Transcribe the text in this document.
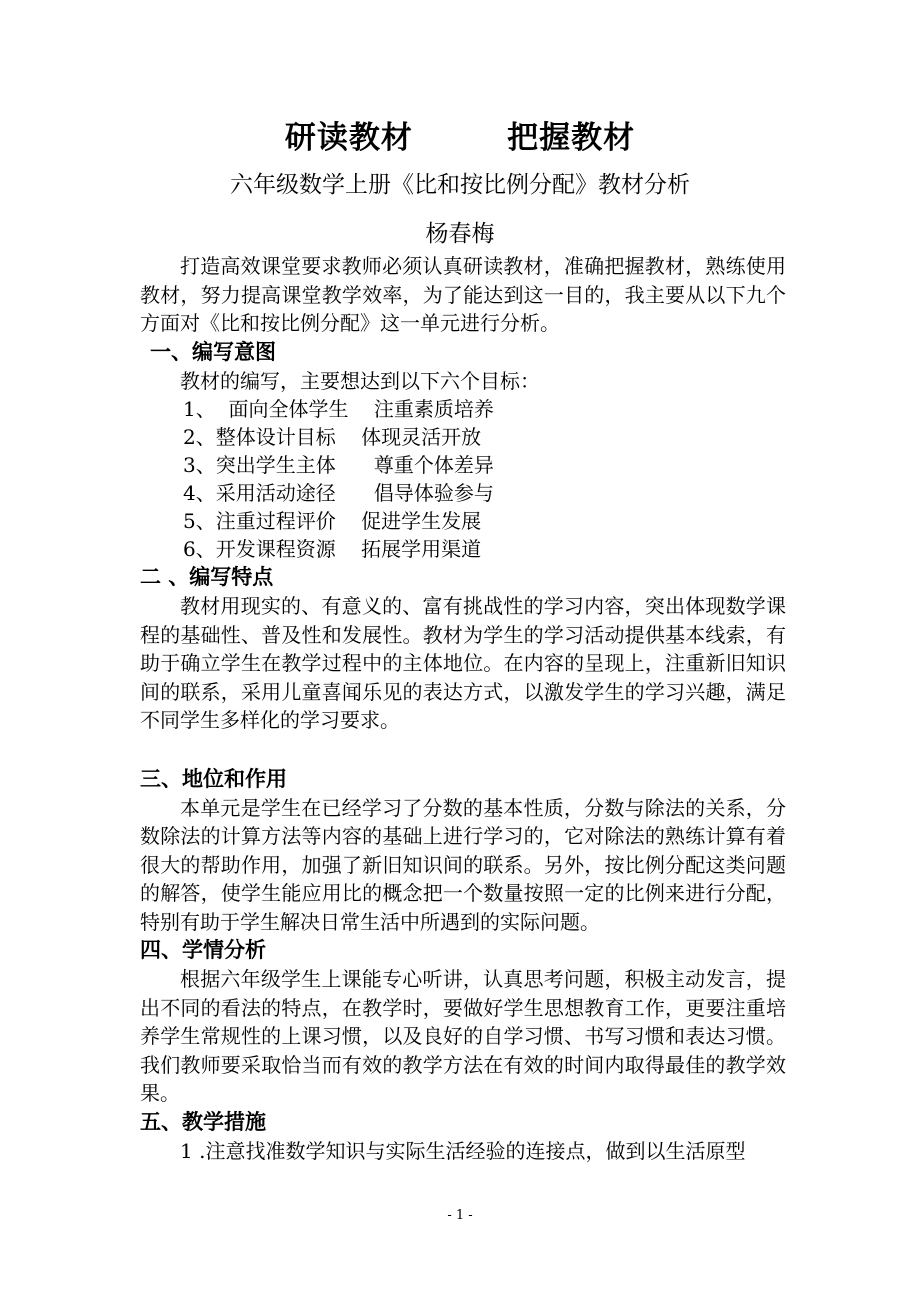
研读教材        把握教材
六年级数学上册《比和按比例分配》教材分析
杨春梅

打造高效课堂要求教师必须认真研读教材，准确把握教材，熟练使用教材，努力提高课堂教学效率，为了能达到这一目的，我主要从以下九个方面对《比和按比例分配》这一单元进行分析。

一、编写意图

教材的编写，主要想达到以下六个目标：

1、  面向全体学生    注重素质培养
2、整体设计目标    体现灵活开放
3、突出学生主体      尊重个体差异
4、采用活动途径      倡导体验参与
5、注重过程评价    促进学生发展
6、开发课程资源    拓展学用渠道
二 、编写特点

教材用现实的、有意义的、富有挑战性的学习内容，突出体现数学课程的基础性、普及性和发展性。教材为学生的学习活动提供基本线索，有助于确立学生在教学过程中的主体地位。在内容的呈现上，注重新旧知识间的联系，采用儿童喜闻乐见的表达方式，以激发学生的学习兴趣，满足不同学生多样化的学习要求。

三、地位和作用

本单元是学生在已经学习了分数的基本性质，分数与除法的关系，分数除法的计算方法等内容的基础上进行学习的，它对除法的熟练计算有着很大的帮助作用，加强了新旧知识间的联系。另外，按比例分配这类问题的解答，使学生能应用比的概念把一个数量按照一定的比例来进行分配，特别有助于学生解决日常生活中所遇到的实际问题。

四、学情分析

根据六年级学生上课能专心听讲，认真思考问题，积极主动发言，提出不同的看法的特点，在教学时，要做好学生思想教育工作，更要注重培养学生常规性的上课习惯，以及良好的自学习惯、书写习惯和表达习惯。我们教师要采取恰当而有效的教学方法在有效的时间内取得最佳的教学效果。

五、教学措施

1 .注意找准数学知识与实际生活经验的连接点，做到以生活原型

- 1 -
